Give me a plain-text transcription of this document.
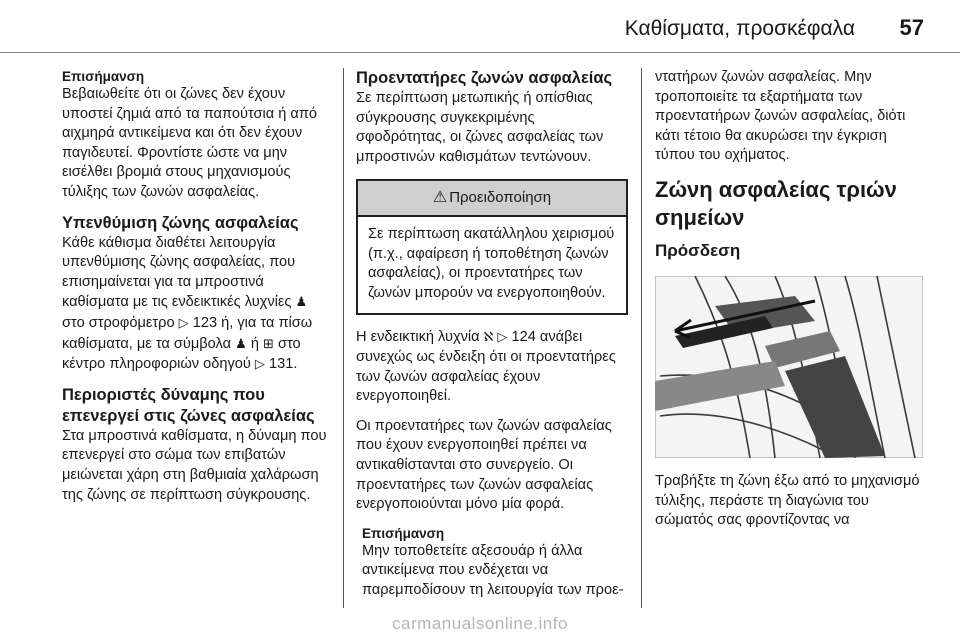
Καθίσματα, προσκέφαλα 57
Επισήμανση

Βεβαιωθείτε ότι οι ζώνες δεν έχουν υποστεί ζημιά από τα παπούτσια ή από αιχμηρά αντικείμενα και ότι δεν έχουν παγιδευτεί. Φροντίστε ώστε να μην εισέλθει βρομιά στους μηχανισμούς τύλιξης των ζωνών ασφαλείας.

Υπενθύμιση ζώνης ασφαλείας

Κάθε κάθισμα διαθέτει λειτουργία υπενθύμισης ζώνης ασφαλείας, που επισημαίνεται για τα μπροστινά καθίσματα με τις ενδεικτικές λυχνίες ♟ στο στροφόμετρο ▷ 123 ή, για τα πίσω καθίσματα, με τα σύμβολα ♟ ή ⊞ στο κέντρο πληροφοριών οδηγού ▷ 131.

Περιοριστές δύναμης που επενεργεί στις ζώνες ασφαλείας

Στα μπροστινά καθίσματα, η δύναμη που επενεργεί στο σώμα των επιβατών μειώνεται χάρη στη βαθμιαία χαλάρωση της ζώνης σε περίπτωση σύγκρουσης.

Προεντατήρες ζωνών ασφαλείας

Σε περίπτωση μετωπικής ή οπίσθιας σύγκρουσης συγκεκριμένης σφοδρότητας, οι ζώνες ασφαλείας των μπροστινών καθισμάτων τεντώνουν.

⚠ Προειδοποίηση
Σε περίπτωση ακατάλληλου χειρισμού (π.χ., αφαίρεση ή τοποθέτηση ζωνών ασφαλείας), οι προεντατήρες των ζωνών μπορούν να ενεργοποιηθούν.

Η ενδεικτική λυχνία ℵ ▷ 124 ανάβει συνεχώς ως ένδειξη ότι οι προεντατήρες των ζωνών ασφαλείας έχουν ενεργοποιηθεί.

Οι προεντατήρες των ζωνών ασφαλείας που έχουν ενεργοποιηθεί πρέπει να αντικαθίστανται στο συνεργείο. Οι προεντατήρες των ζωνών ασφαλείας ενεργοποιούνται μόνο μία φορά.

Επισήμανση
Μην τοποθετείτε αξεσουάρ ή άλλα αντικείμενα που ενδέχεται να παρεμποδίσουν τη λειτουργία των προε-

ντατήρων ζωνών ασφαλείας. Μην τροποποιείτε τα εξαρτήματα των προεντατήρων ζωνών ασφαλείας, διότι κάτι τέτοιο θα ακυρώσει την έγκριση τύπου του οχήματος.

Ζώνη ασφαλείας τριών σημείων
Πρόσδεση

Τραβήξτε τη ζώνη έξω από το μηχανισμό τύλιξης, περάστε τη διαγώνια του σώματός σας φροντίζοντας να

carmanualsonline.info
